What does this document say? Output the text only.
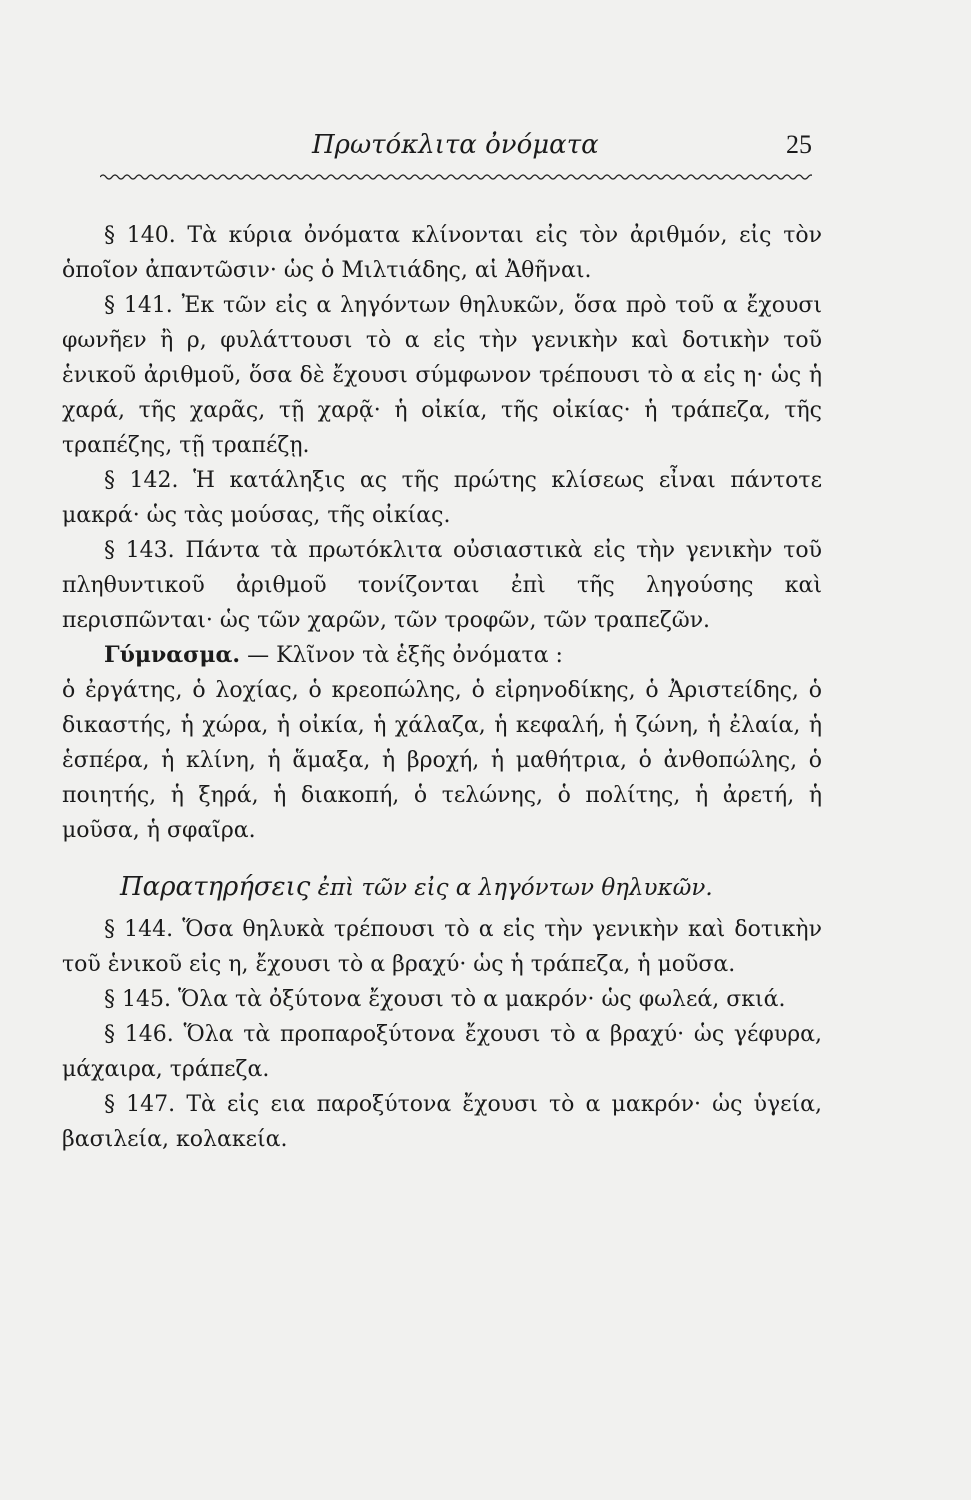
Πρωτόκλιτα ὀνόματα	25

§ 140. Τὰ κύρια ὀνόματα κλίνονται εἰς τὸν ἀριθμόν, εἰς τὸν ὁποῖον ἀπαντῶσιν· ὡς ὁ Μιλτιάδης, αἱ Ἀθῆναι.

§ 141. Ἐκ τῶν εἰς α ληγόντων θηλυκῶν, ὅσα πρὸ τοῦ α ἔχουσι φωνῆεν ἢ ρ, φυλάττουσι τὸ α εἰς τὴν γενικὴν καὶ δοτικὴν τοῦ ἑνικοῦ ἀριθμοῦ, ὅσα δὲ ἔχουσι σύμφωνον τρέπουσι τὸ α εἰς η· ὡς ἡ χαρά, τῆς χαρᾶς, τῇ χαρᾷ· ἡ οἰκία, τῆς οἰκίας· ἡ τράπεζα, τῆς τραπέζης, τῇ τραπέζῃ.

§ 142. Ἡ κατάληξις ας τῆς πρώτης κλίσεως εἶναι πάντοτε μακρά· ὡς τὰς μούσας, τῆς οἰκίας.

§ 143. Πάντα τὰ πρωτόκλιτα οὐσιαστικὰ εἰς τὴν γενικὴν τοῦ πληθυντικοῦ ἀριθμοῦ τονίζονται ἐπὶ τῆς ληγούσης καὶ περισπῶνται· ὡς τῶν χαρῶν, τῶν τροφῶν, τῶν τραπεζῶν.

Γύμνασμα. — Κλῖνον τὰ ἑξῆς ὀνόματα :

ὁ ἐργάτης, ὁ λοχίας, ὁ κρεοπώλης, ὁ εἰρηνοδίκης, ὁ Ἀριστείδης, ὁ δικαστής, ἡ χώρα, ἡ οἰκία, ἡ χάλαζα, ἡ κεφαλή, ἡ ζώνη, ἡ ἐλαία, ἡ ἑσπέρα, ἡ κλίνη, ἡ ἅμαξα, ἡ βροχή, ἡ μαθήτρια, ὁ ἀνθοπώλης, ὁ ποιητής, ἡ ξηρά, ἡ διακοπή, ὁ τελώνης, ὁ πολίτης, ἡ ἀρετή, ἡ μοῦσα, ἡ σφαῖρα.

Παρατηρήσεις ἐπὶ τῶν εἰς α ληγόντων θηλυκῶν.

§ 144. Ὅσα θηλυκὰ τρέπουσι τὸ α εἰς τὴν γενικὴν καὶ δοτικὴν τοῦ ἑνικοῦ εἰς η, ἔχουσι τὸ α βραχύ· ὡς ἡ τράπεζα, ἡ μοῦσα.

§ 145. Ὅλα τὰ ὀξύτονα ἔχουσι τὸ α μακρόν· ὡς φωλεά, σκιά.

§ 146. Ὅλα τὰ προπαροξύτονα ἔχουσι τὸ α βραχύ· ὡς γέφυρα, μάχαιρα, τράπεζα.

§ 147. Τὰ εἰς εια παροξύτονα ἔχουσι τὸ α μακρόν· ὡς ὑγεία, βασιλεία, κολακεία.
